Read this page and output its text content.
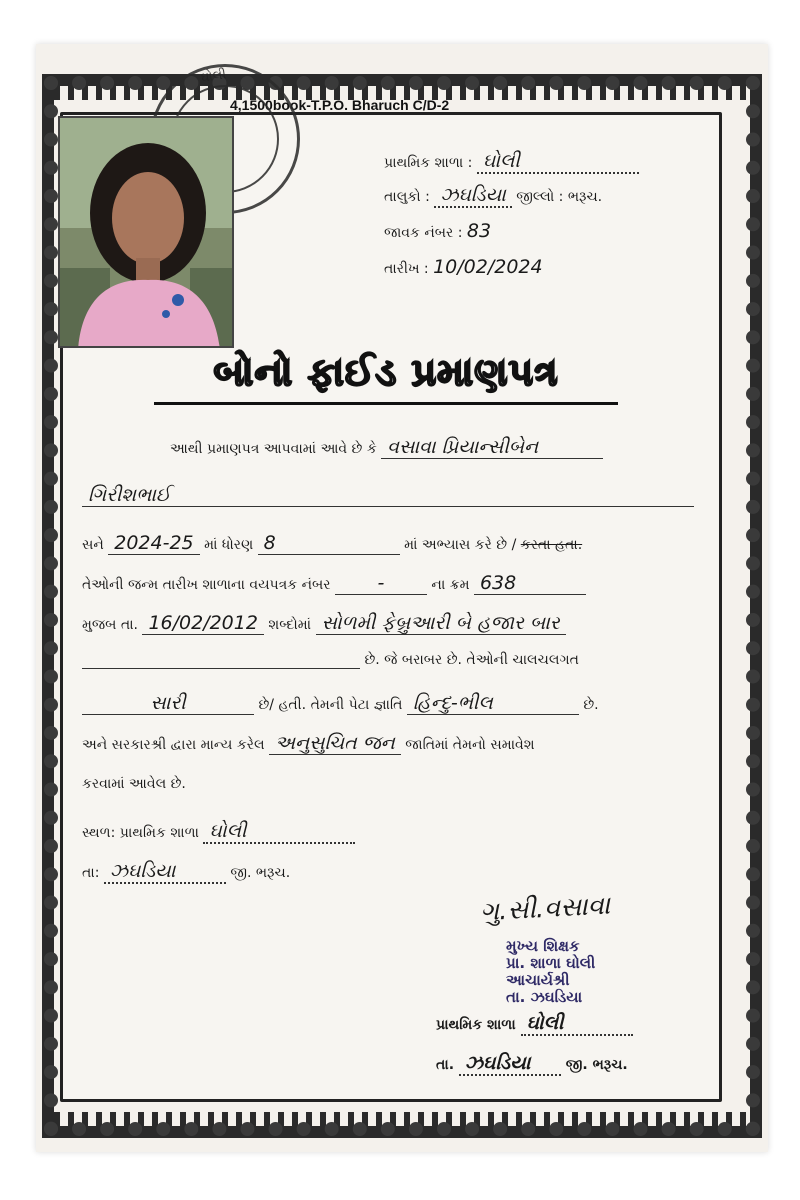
4,1500book-T.P.O. Bharuch C/D-2
ઘોલી
પ્રાથમિક શાળા : ઘોલી
તાલુકો : ઝઘડિયા જીલ્લો : ભરૂચ.
જાવક નંબર : 83
તારીખ : 10/02/2024
બોનો ફાઈડ પ્રમાણપત્ર
આથી પ્રમાણપત્ર આપવામાં આવે છે કે વસાવા પ્રિયાન્સીબેન
ગિરીશભાઈ
સને 2024-25 માં ધોરણ 8	માં અભ્યાસ કરે છે / કરતા હતા.
તેઓની જન્મ તારીખ શાળાના વયપત્રક નંબર -	ના ક્રમ 638
મુજબ તા. 16/02/2012 શબ્દોમાં સોળમી ફેબ્રુઆરી બે હજાર બાર
છે. જે બરાબર છે. તેઓની ચાલચલગત
સારી	છે/ હતી. તેમની પેટા જ્ઞાતિ હિન્દુ-ભીલ	છે.
અને સરકારશ્રી દ્વારા માન્ય કરેલ અનુસુચિત જન જાતિમાં તેમનો સમાવેશ
કરવામાં આવેલ છે.
સ્થળ: પ્રાથમિક શાળા ઘોલી
તા: ઝઘડિયા	જી. ભરૂચ.
ગુ.સી.વસાવા
મુખ્ય શિક્ષક
પ્રા. શાળા ઘોલી
આચાર્યશ્રી
તા. ઝઘડિયા
પ્રાથમિક શાળા ઘોલી
તા. ઝઘડિયા	જી. ભરૂચ.
